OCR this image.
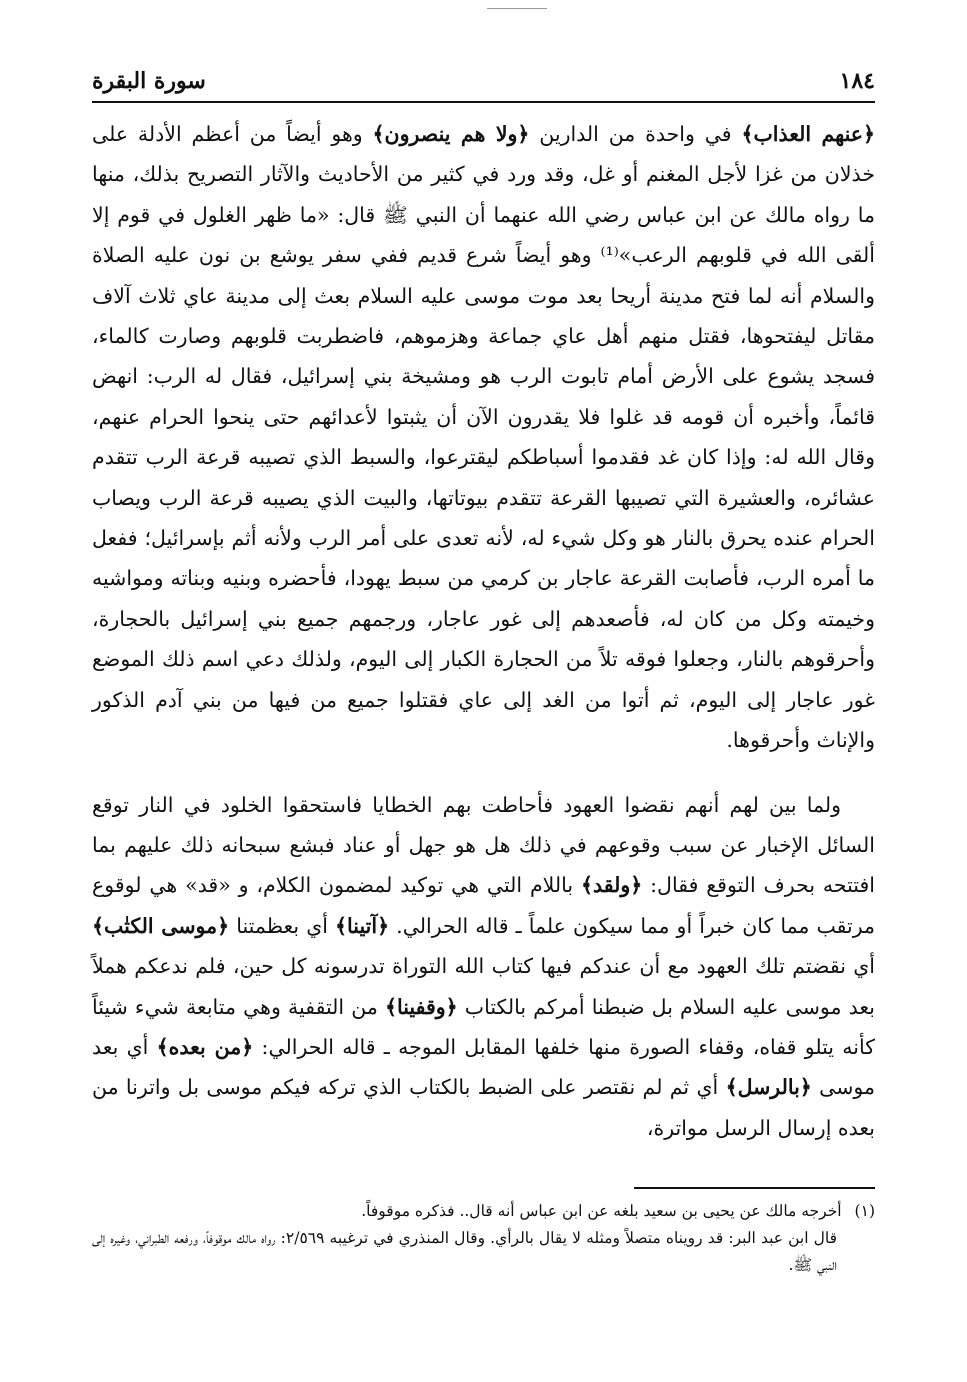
١٨٤
سورة البقرة

﴿عنهم العذاب﴾ في واحدة من الدارين ﴿ولا هم ينصرون﴾ وهو أيضاً من أعظم الأدلة على خذلان من غزا لأجل المغنم أو غل، وقد ورد في كثير من الأحاديث والآثار التصريح بذلك، منها ما رواه مالك عن ابن عباس رضي الله عنهما أن النبي ﷺ قال: «ما ظهر الغلول في قوم إلا ألقى الله في قلوبهم الرعب»⁽¹⁾ وهو أيضاً شرع قديم ففي سفر يوشع بن نون عليه الصلاة والسلام أنه لما فتح مدينة أريحا بعد موت موسى عليه السلام بعث إلى مدينة عاي ثلاث آلاف مقاتل ليفتحوها، فقتل منهم أهل عاي جماعة وهزموهم، فاضطربت قلوبهم وصارت كالماء، فسجد يشوع على الأرض أمام تابوت الرب هو ومشيخة بني إسرائيل، فقال له الرب: انهض قائماً، وأخبره أن قومه قد غلوا فلا يقدرون الآن أن يثبتوا لأعدائهم حتى ينحوا الحرام عنهم، وقال الله له: وإذا كان غد فقدموا أسباطكم ليقترعوا، والسبط الذي تصيبه قرعة الرب تتقدم عشائره، والعشيرة التي تصيبها القرعة تتقدم بيوتاتها، والبيت الذي يصيبه قرعة الرب ويصاب الحرام عنده يحرق بالنار هو وكل شيء له، لأنه تعدى على أمر الرب ولأنه أثم بإسرائيل؛ ففعل ما أمره الرب، فأصابت القرعة عاجار بن كرمي من سبط يهودا، فأحضره وبنيه وبناته ومواشيه وخيمته وكل من كان له، فأصعدهم إلى غور عاجار، ورجمهم جميع بني إسرائيل بالحجارة، وأحرقوهم بالنار، وجعلوا فوقه تلاً من الحجارة الكبار إلى اليوم، ولذلك دعي اسم ذلك الموضع غور عاجار إلى اليوم، ثم أتوا من الغد إلى عاي فقتلوا جميع من فيها من بني آدم الذكور والإناث وأحرقوها.

ولما بين لهم أنهم نقضوا العهود فأحاطت بهم الخطايا فاستحقوا الخلود في النار توقع السائل الإخبار عن سبب وقوعهم في ذلك هل هو جهل أو عناد فبشع سبحانه ذلك عليهم بما افتتحه بحرف التوقع فقال: ﴿ولقد﴾ باللام التي هي توكيد لمضمون الكلام، و «قد» هي لوقوع مرتقب مما كان خبراً أو مما سيكون علماً ـ قاله الحرالي. ﴿آتينا﴾ أي بعظمتنا ﴿موسى الكتٰب﴾ أي نقضتم تلك العهود مع أن عندكم فيها كتاب الله التوراة تدرسونه كل حين، فلم ندعكم هملاً بعد موسى عليه السلام بل ضبطنا أمركم بالكتاب ﴿وقفينا﴾ من التقفية وهي متابعة شيء شيئاً كأنه يتلو قفاه، وقفاء الصورة منها خلفها المقابل الموجه ـ قاله الحرالي: ﴿من بعده﴾ أي بعد موسى ﴿بالرسل﴾ أي ثم لم نقتصر على الضبط بالكتاب الذي تركه فيكم موسى بل واترنا من بعده إرسال الرسل مواترة،

(١) أخرجه مالك عن يحيى بن سعيد بلغه عن ابن عباس أنه قال.. فذكره موقوفاً.

قال ابن عبد البر: قد رويناه متصلاً ومثله لا يقال بالرأي. وقال المنذري في ترغيبه ٢/٥٦٩: رواه مالك موقوفاً، ورفعه الطبراني، وغيره إلى النبي ﷺ.
